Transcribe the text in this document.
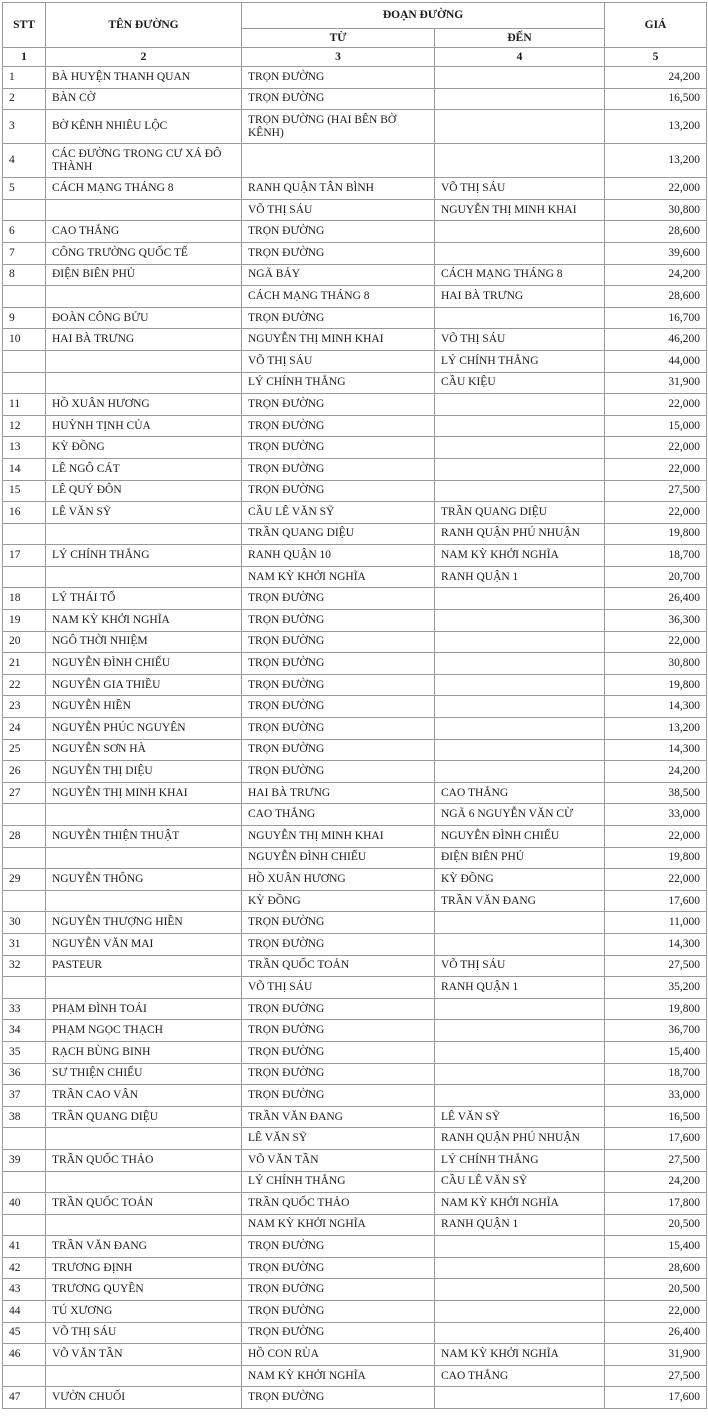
STT	TÊN ĐƯỜNG	ĐOẠN ĐƯỜNG		GIÁ
		TỪ	ĐẾN	
1	2	3	4	5
1	BÀ HUYỆN THANH QUAN	TRỌN ĐƯỜNG		24,200
2	BÀN CỜ	TRỌN ĐƯỜNG		16,500
3	BỜ KÊNH NHIÊU LỘC	TRỌN ĐƯỜNG (HAI BÊN BỜ KÊNH)		13,200
4	CÁC ĐƯỜNG TRONG CƯ XÁ ĐÔ THÀNH			13,200
5	CÁCH MẠNG THÁNG 8	RANH QUẬN TÂN BÌNH	VÕ THỊ SÁU	22,000
		VÕ THỊ SÁU	NGUYỄN THỊ MINH KHAI	30,800
6	CAO THẮNG	TRỌN ĐƯỜNG		28,600
7	CÔNG TRƯỜNG QUỐC TẾ	TRỌN ĐƯỜNG		39,600
8	ĐIỆN BIÊN PHỦ	NGÃ BẢY	CÁCH MẠNG THÁNG 8	24,200
		CÁCH MẠNG THÁNG 8	HAI BÀ TRƯNG	28,600
9	ĐOÀN CÔNG BỬU	TRỌN ĐƯỜNG		16,700
10	HAI BÀ TRƯNG	NGUYỄN THỊ MINH KHAI	VÕ THỊ SÁU	46,200
		VÕ THỊ SÁU	LÝ CHÍNH THẮNG	44,000
		LÝ CHÍNH THẮNG	CẦU KIỆU	31,900
11	HỒ XUÂN HƯƠNG	TRỌN ĐƯỜNG		22,000
12	HUỲNH TỊNH CỦA	TRỌN ĐƯỜNG		15,000
13	KỲ ĐỒNG	TRỌN ĐƯỜNG		22,000
14	LÊ NGÔ CÁT	TRỌN ĐƯỜNG		22,000
15	LÊ QUÝ ĐÔN	TRỌN ĐƯỜNG		27,500
16	LÊ VĂN SỸ	CẦU LÊ VĂN SỸ	TRẦN QUANG DIỆU	22,000
		TRẦN QUANG DIỆU	RANH QUẬN PHÚ NHUẬN	19,800
17	LÝ CHÍNH THẮNG	RANH QUẬN 10	NAM KỲ KHỞI NGHĨA	18,700
		NAM KỲ KHỞI NGHĨA	RANH QUẬN 1	20,700
18	LÝ THÁI TỔ	TRỌN ĐƯỜNG		26,400
19	NAM KỲ KHỞI NGHĨA	TRỌN ĐƯỜNG		36,300
20	NGÔ THỜI NHIỆM	TRỌN ĐƯỜNG		22,000
21	NGUYỄN ĐÌNH CHIỂU	TRỌN ĐƯỜNG		30,800
22	NGUYỄN GIA THIỀU	TRỌN ĐƯỜNG		19,800
23	NGUYỄN HIỀN	TRỌN ĐƯỜNG		14,300
24	NGUYỄN PHÚC NGUYÊN	TRỌN ĐƯỜNG		13,200
25	NGUYỄN SƠN HÀ	TRỌN ĐƯỜNG		14,300
26	NGUYỄN THỊ DIỆU	TRỌN ĐƯỜNG		24,200
27	NGUYỄN THỊ MINH KHAI	HAI BÀ TRƯNG	CAO THẮNG	38,500
		CAO THẮNG	NGÃ 6 NGUYỄN VĂN CỪ	33,000
28	NGUYỄN THIỆN THUẬT	NGUYỄN THỊ MINH KHAI	NGUYỄN ĐÌNH CHIỂU	22,000
		NGUYỄN ĐÌNH CHIỂU	ĐIỆN BIÊN PHỦ	19,800
29	NGUYỄN THÔNG	HỒ XUÂN HƯƠNG	KỲ ĐỒNG	22,000
		KỲ ĐỒNG	TRẦN VĂN ĐANG	17,600
30	NGUYỄN THƯỢNG HIỀN	TRỌN ĐƯỜNG		11,000
31	NGUYỄN VĂN MAI	TRỌN ĐƯỜNG		14,300
32	PASTEUR	TRẦN QUỐC TOẢN	VÕ THỊ SÁU	27,500
		VÕ THỊ SÁU	RANH QUẬN 1	35,200
33	PHẠM ĐÌNH TOÁI	TRỌN ĐƯỜNG		19,800
34	PHẠM NGỌC THẠCH	TRỌN ĐƯỜNG		36,700
35	RẠCH BÙNG BINH	TRỌN ĐƯỜNG		15,400
36	SƯ THIỆN CHIẾU	TRỌN ĐƯỜNG		18,700
37	TRẦN CAO VÂN	TRỌN ĐƯỜNG		33,000
38	TRẦN QUANG DIỆU	TRẦN VĂN ĐANG	LÊ VĂN SỸ	16,500
		LÊ VĂN SỸ	RANH QUẬN PHÚ NHUẬN	17,600
39	TRẦN QUỐC THẢO	VÕ VĂN TẦN	LÝ CHÍNH THẮNG	27,500
		LÝ CHÍNH THẮNG	CẦU LÊ VĂN SỸ	24,200
40	TRẦN QUỐC TOẢN	TRẦN QUỐC THẢO	NAM KỲ KHỞI NGHĨA	17,800
		NAM KỲ KHỞI NGHĨA	RANH QUẬN 1	20,500
41	TRẦN VĂN ĐANG	TRỌN ĐƯỜNG		15,400
42	TRƯƠNG ĐỊNH	TRỌN ĐƯỜNG		28,600
43	TRƯƠNG QUYỀN	TRỌN ĐƯỜNG		20,500
44	TÚ XƯƠNG	TRỌN ĐƯỜNG		22,000
45	VÕ THỊ SÁU	TRỌN ĐƯỜNG		26,400
46	VÕ VĂN TẦN	HỒ CON RÙA	NAM KỲ KHỞI NGHĨA	31,900
		NAM KỲ KHỞI NGHĨA	CAO THẮNG	27,500
47	VƯỜN CHUỐI	TRỌN ĐƯỜNG		17,600
